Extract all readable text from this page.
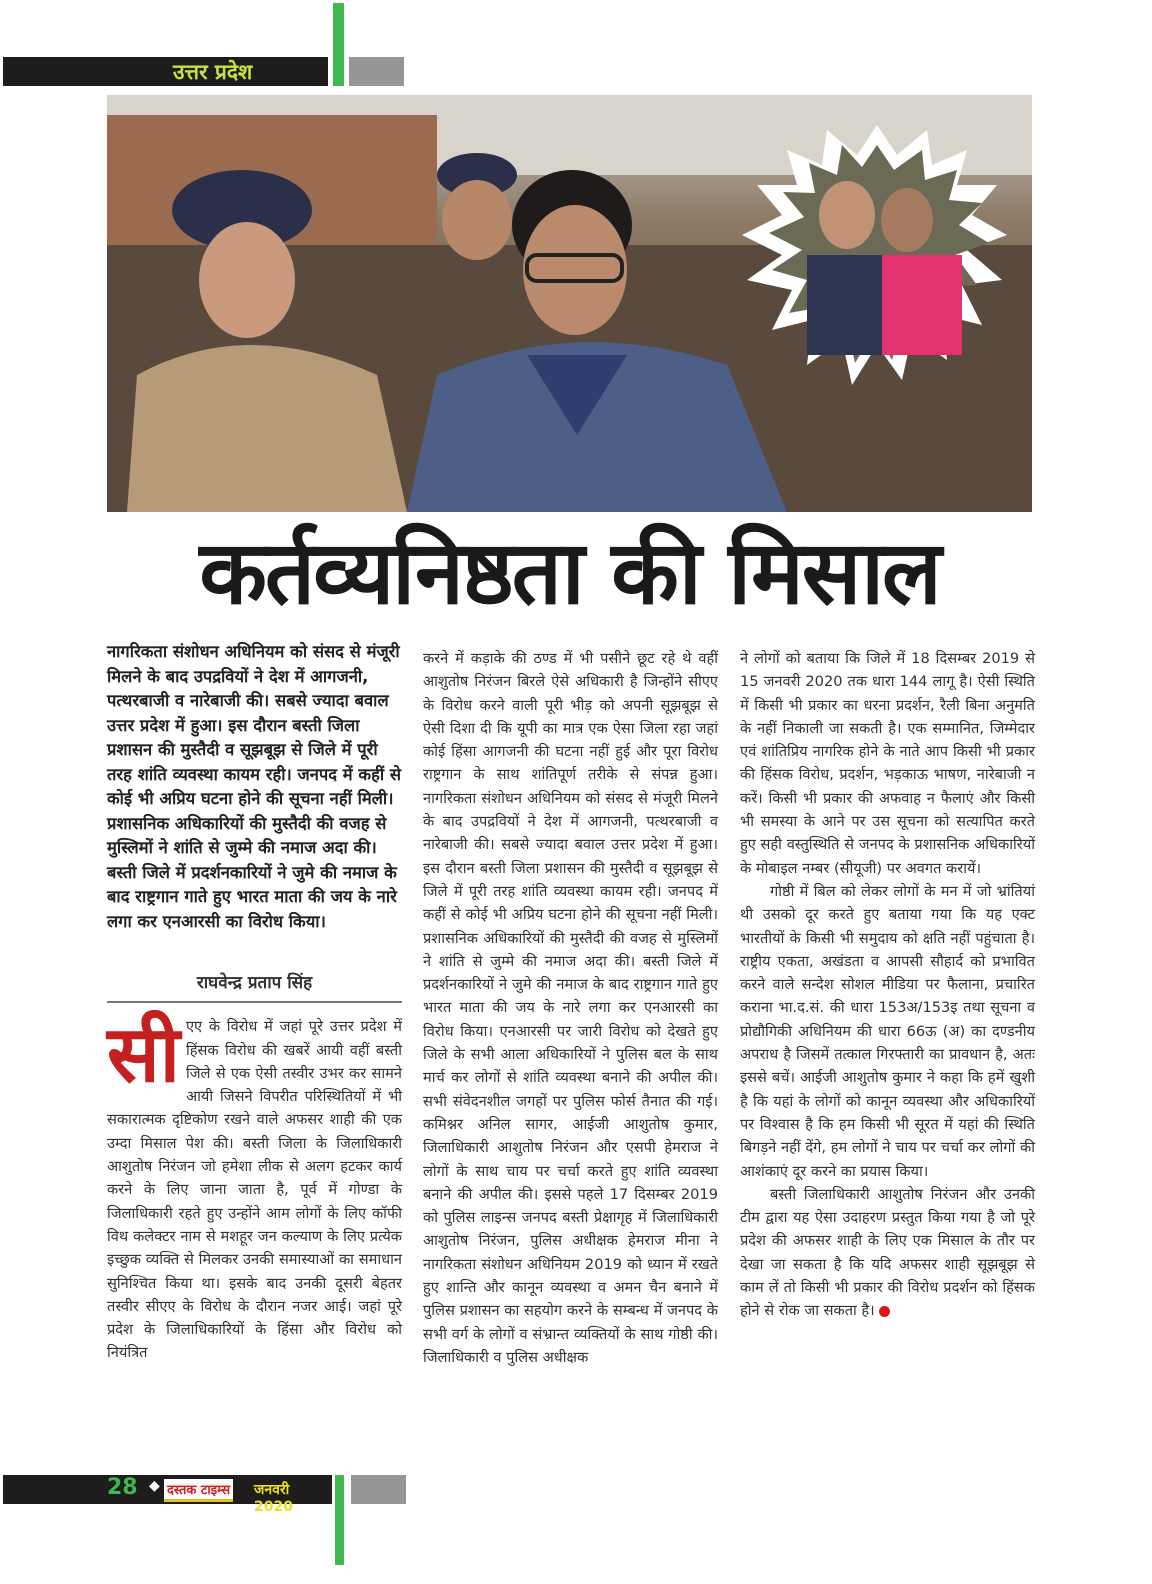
उत्तर प्रदेश
कर्तव्यनिष्ठता की मिसाल

नागरिकता संशोधन अधिनियम को संसद से मंजूरी मिलने के बाद उपद्रवियों ने देश में आगजनी, पत्थरबाजी व नारेबाजी की। सबसे ज्यादा बवाल उत्तर प्रदेश में हुआ। इस दौरान बस्ती जिला प्रशासन की मुस्तैदी व सूझबूझ से जिले में पूरी तरह शांति व्यवस्था कायम रही। जनपद में कहीं से कोई भी अप्रिय घटना होने की सूचना नहीं मिली। प्रशासनिक अधिकारियों की मुस्तैदी की वजह से मुस्लिमों ने शांति से जुम्मे की नमाज अदा की। बस्ती जिले में प्रदर्शनकारियों ने जुमे की नमाज के बाद राष्ट्रगान गाते हुए भारत माता की जय के नारे लगा कर एनआरसी का विरोध किया।

राघवेन्द्र प्रताप सिंह

सीएए के विरोध में जहां पूरे उत्तर प्रदेश में हिंसक विरोध की खबरें आयी वहीं बस्ती जिले से एक ऐसी तस्वीर उभर कर सामने आयी जिसने विपरीत परिस्थितियों में भी सकारात्मक दृष्टिकोण रखने वाले अफसर शाही की एक उम्दा मिसाल पेश की। बस्ती जिला के जिलाधिकारी आशुतोष निरंजन जो हमेशा लीक से अलग हटकर कार्य करने के लिए जाना जाता है, पूर्व में गोण्डा के जिलाधिकारी रहते हुए उन्होंने आम लोगों के लिए कॉफी विथ कलेक्टर नाम से मशहूर जन कल्याण के लिए प्रत्येक इच्छुक व्यक्ति से मिलकर उनकी समास्याओं का समाधान सुनिश्चित किया था। इसके बाद उनकी दूसरी बेहतर तस्वीर सीएए के विरोध के दौरान नजर आई। जहां पूरे प्रदेश के जिलाधिकारियों के हिंसा और विरोध को नियंत्रित

करने में कड़ाके की ठण्ड में भी पसीने छूट रहे थे वहीं आशुतोष निरंजन बिरले ऐसे अधिकारी है जिन्होंने सीएए के विरोध करने वाली पूरी भीड़ को अपनी सूझबूझ से ऐसी दिशा दी कि यूपी का मात्र एक ऐसा जिला रहा जहां कोई हिंसा आगजनी की घटना नहीं हुई और पूरा विरोध राष्ट्रगान के साथ शांतिपूर्ण तरीके से संपन्न हुआ। नागरिकता संशोधन अधिनियम को संसद से मंजूरी मिलने के बाद उपद्रवियों ने देश में आगजनी, पत्थरबाजी व नारेबाजी की। सबसे ज्यादा बवाल उत्तर प्रदेश में हुआ। इस दौरान बस्ती जिला प्रशासन की मुस्तैदी व सूझबूझ से जिले में पूरी तरह शांति व्यवस्था कायम रही। जनपद में कहीं से कोई भी अप्रिय घटना होने की सूचना नहीं मिली। प्रशासनिक अधिकारियों की मुस्तैदी की वजह से मुस्लिमों ने शांति से जुम्मे की नमाज अदा की। बस्ती जिले में प्रदर्शनकारियों ने जुमे की नमाज के बाद राष्ट्रगान गाते हुए भारत माता की जय के नारे लगा कर एनआरसी का विरोध किया। एनआरसी पर जारी विरोध को देखते हुए जिले के सभी आला अधिकारियों ने पुलिस बल के साथ मार्च कर लोगों से शांति व्यवस्था बनाने की अपील की। सभी संवेदनशील जगहों पर पुलिस फोर्स तैनात की गई। कमिश्नर अनिल सागर, आईजी आशुतोष कुमार, जिलाधिकारी आशुतोष निरंजन और एसपी हेमराज ने लोगों के साथ चाय पर चर्चा करते हुए शांति व्यवस्था बनाने की अपील की। इससे पहले 17 दिसम्बर 2019 को पुलिस लाइन्स जनपद बस्ती प्रेक्षागृह में जिलाधिकारी आशुतोष निरंजन, पुलिस अधीक्षक हेमराज मीना ने नागरिकता संशोधन अधिनियम 2019 को ध्यान में रखते हुए शान्ति और कानून व्यवस्था व अमन चैन बनाने में पुलिस प्रशासन का सहयोग करने के सम्बन्ध में जनपद के सभी वर्ग के लोगों व संभ्रान्त व्यक्तियों के साथ गोष्ठी की। जिलाधिकारी व पुलिस अधीक्षक

ने लोगों को बताया कि जिले में 18 दिसम्बर 2019 से 15 जनवरी 2020 तक धारा 144 लागू है। ऐसी स्थिति में किसी भी प्रकार का धरना प्रदर्शन, रैली बिना अनुमति के नहीं निकाली जा सकती है। एक सम्मानित, जिम्मेदार एवं शांतिप्रिय नागरिक होने के नाते आप किसी भी प्रकार की हिंसक विरोध, प्रदर्शन, भड़काऊ भाषण, नारेबाजी न करें। किसी भी प्रकार की अफवाह न फैलाएं और किसी भी समस्या के आने पर उस सूचना को सत्यापित करते हुए सही वस्तुस्थिति से जनपद के प्रशासनिक अधिकारियों के मोबाइल नम्बर (सीयूजी) पर अवगत करायें।

गोष्ठी में बिल को लेकर लोगों के मन में जो भ्रांतियां थी उसको दूर करते हुए बताया गया कि यह एक्ट भारतीयों के किसी भी समुदाय को क्षति नहीं पहुंचाता है। राष्ट्रीय एकता, अखंडता व आपसी सौहार्द को प्रभावित करने वाले सन्देश सोशल मीडिया पर फैलाना, प्रचारित कराना भा.द.सं. की धारा 153अ/153इ तथा सूचना व प्रोद्यौगिकी अधिनियम की धारा 66ऊ (अ) का दण्डनीय अपराध है जिसमें तत्काल गिरफ्तारी का प्रावधान है, अतः इससे बचें। आईजी आशुतोष कुमार ने कहा कि हमें खुशी है कि यहां के लोगों को कानून व्यवस्था और अधिकारियों पर विश्वास है कि हम किसी भी सूरत में यहां की स्थिति बिगड़ने नहीं देंगे, हम लोगों ने चाय पर चर्चा कर लोगों की आशंकाएं दूर करने का प्रयास किया।

बस्ती जिलाधिकारी आशुतोष निरंजन और उनकी टीम द्वारा यह ऐसा उदाहरण प्रस्तुत किया गया है जो पूरे प्रदेश की अफसर शाही के लिए एक मिसाल के तौर पर देखा जा सकता है कि यदि अफसर शाही सूझबूझ से काम लें तो किसी भी प्रकार की विरोध प्रदर्शन को हिंसक होने से रोक जा सकता है।

28 ◆ दस्तक टाइम्स जनवरी 2020
